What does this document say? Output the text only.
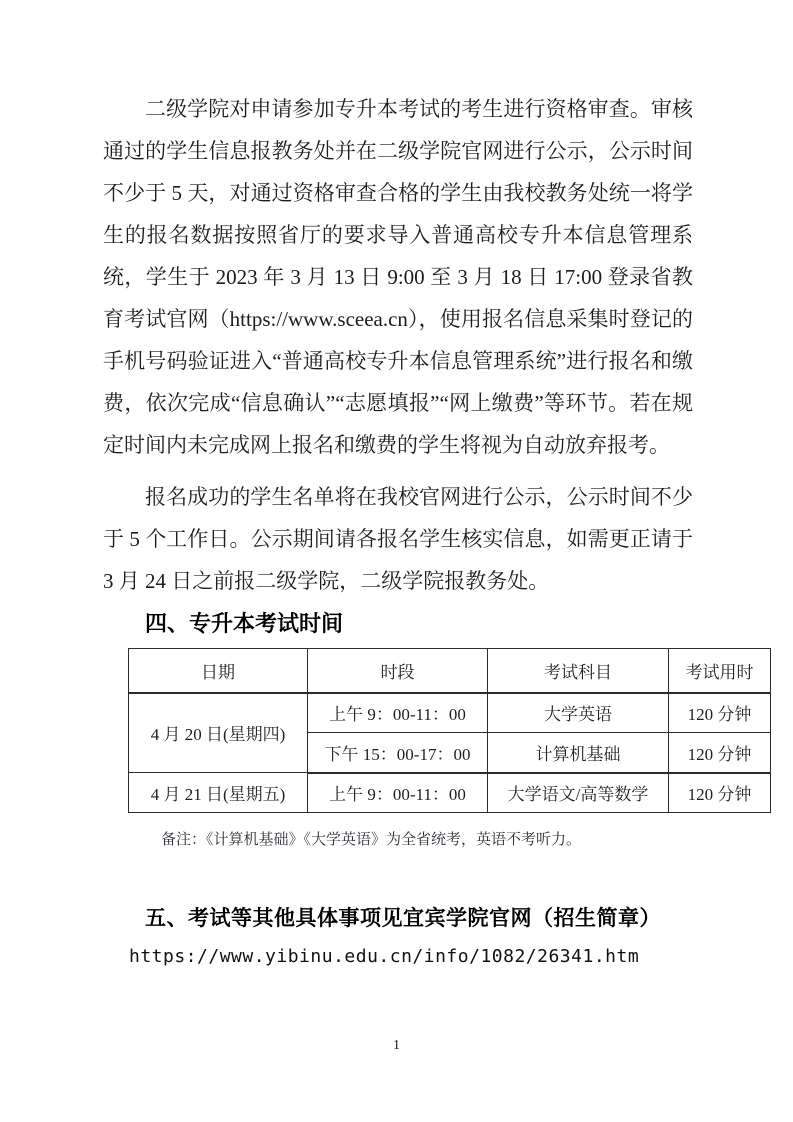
二级学院对申请参加专升本考试的考生进行资格审查。审核通过的学生信息报教务处并在二级学院官网进行公示，公示时间不少于 5 天，对通过资格审查合格的学生由我校教务处统一将学生的报名数据按照省厅的要求导入普通高校专升本信息管理系统，学生于 2023 年 3 月 13 日 9:00 至 3 月 18 日 17:00 登录省教育考试官网（https://www.sceea.cn），使用报名信息采集时登记的手机号码验证进入“普通高校专升本信息管理系统”进行报名和缴费，依次完成“信息确认”“志愿填报”“网上缴费”等环节。若在规定时间内未完成网上报名和缴费的学生将视为自动放弃报考。

报名成功的学生名单将在我校官网进行公示，公示时间不少于 5 个工作日。公示期间请各报名学生核实信息，如需更正请于 3 月 24 日之前报二级学院，二级学院报教务处。

四、专升本考试时间
日期	时段	考试科目	考试用时
4 月 20 日(星期四)	上午 9：00-11：00	大学英语	120 分钟
	下午 15：00-17：00	计算机基础	120 分钟
4 月 21 日(星期五)	上午 9：00-11：00	大学语文/高等数学	120 分钟
备注：《计算机基础》《大学英语》为全省统考，英语不考听力。
五、考试等其他具体事项见宜宾学院官网（招生简章）
https://www.yibinu.edu.cn/info/1082/26341.htm
1
